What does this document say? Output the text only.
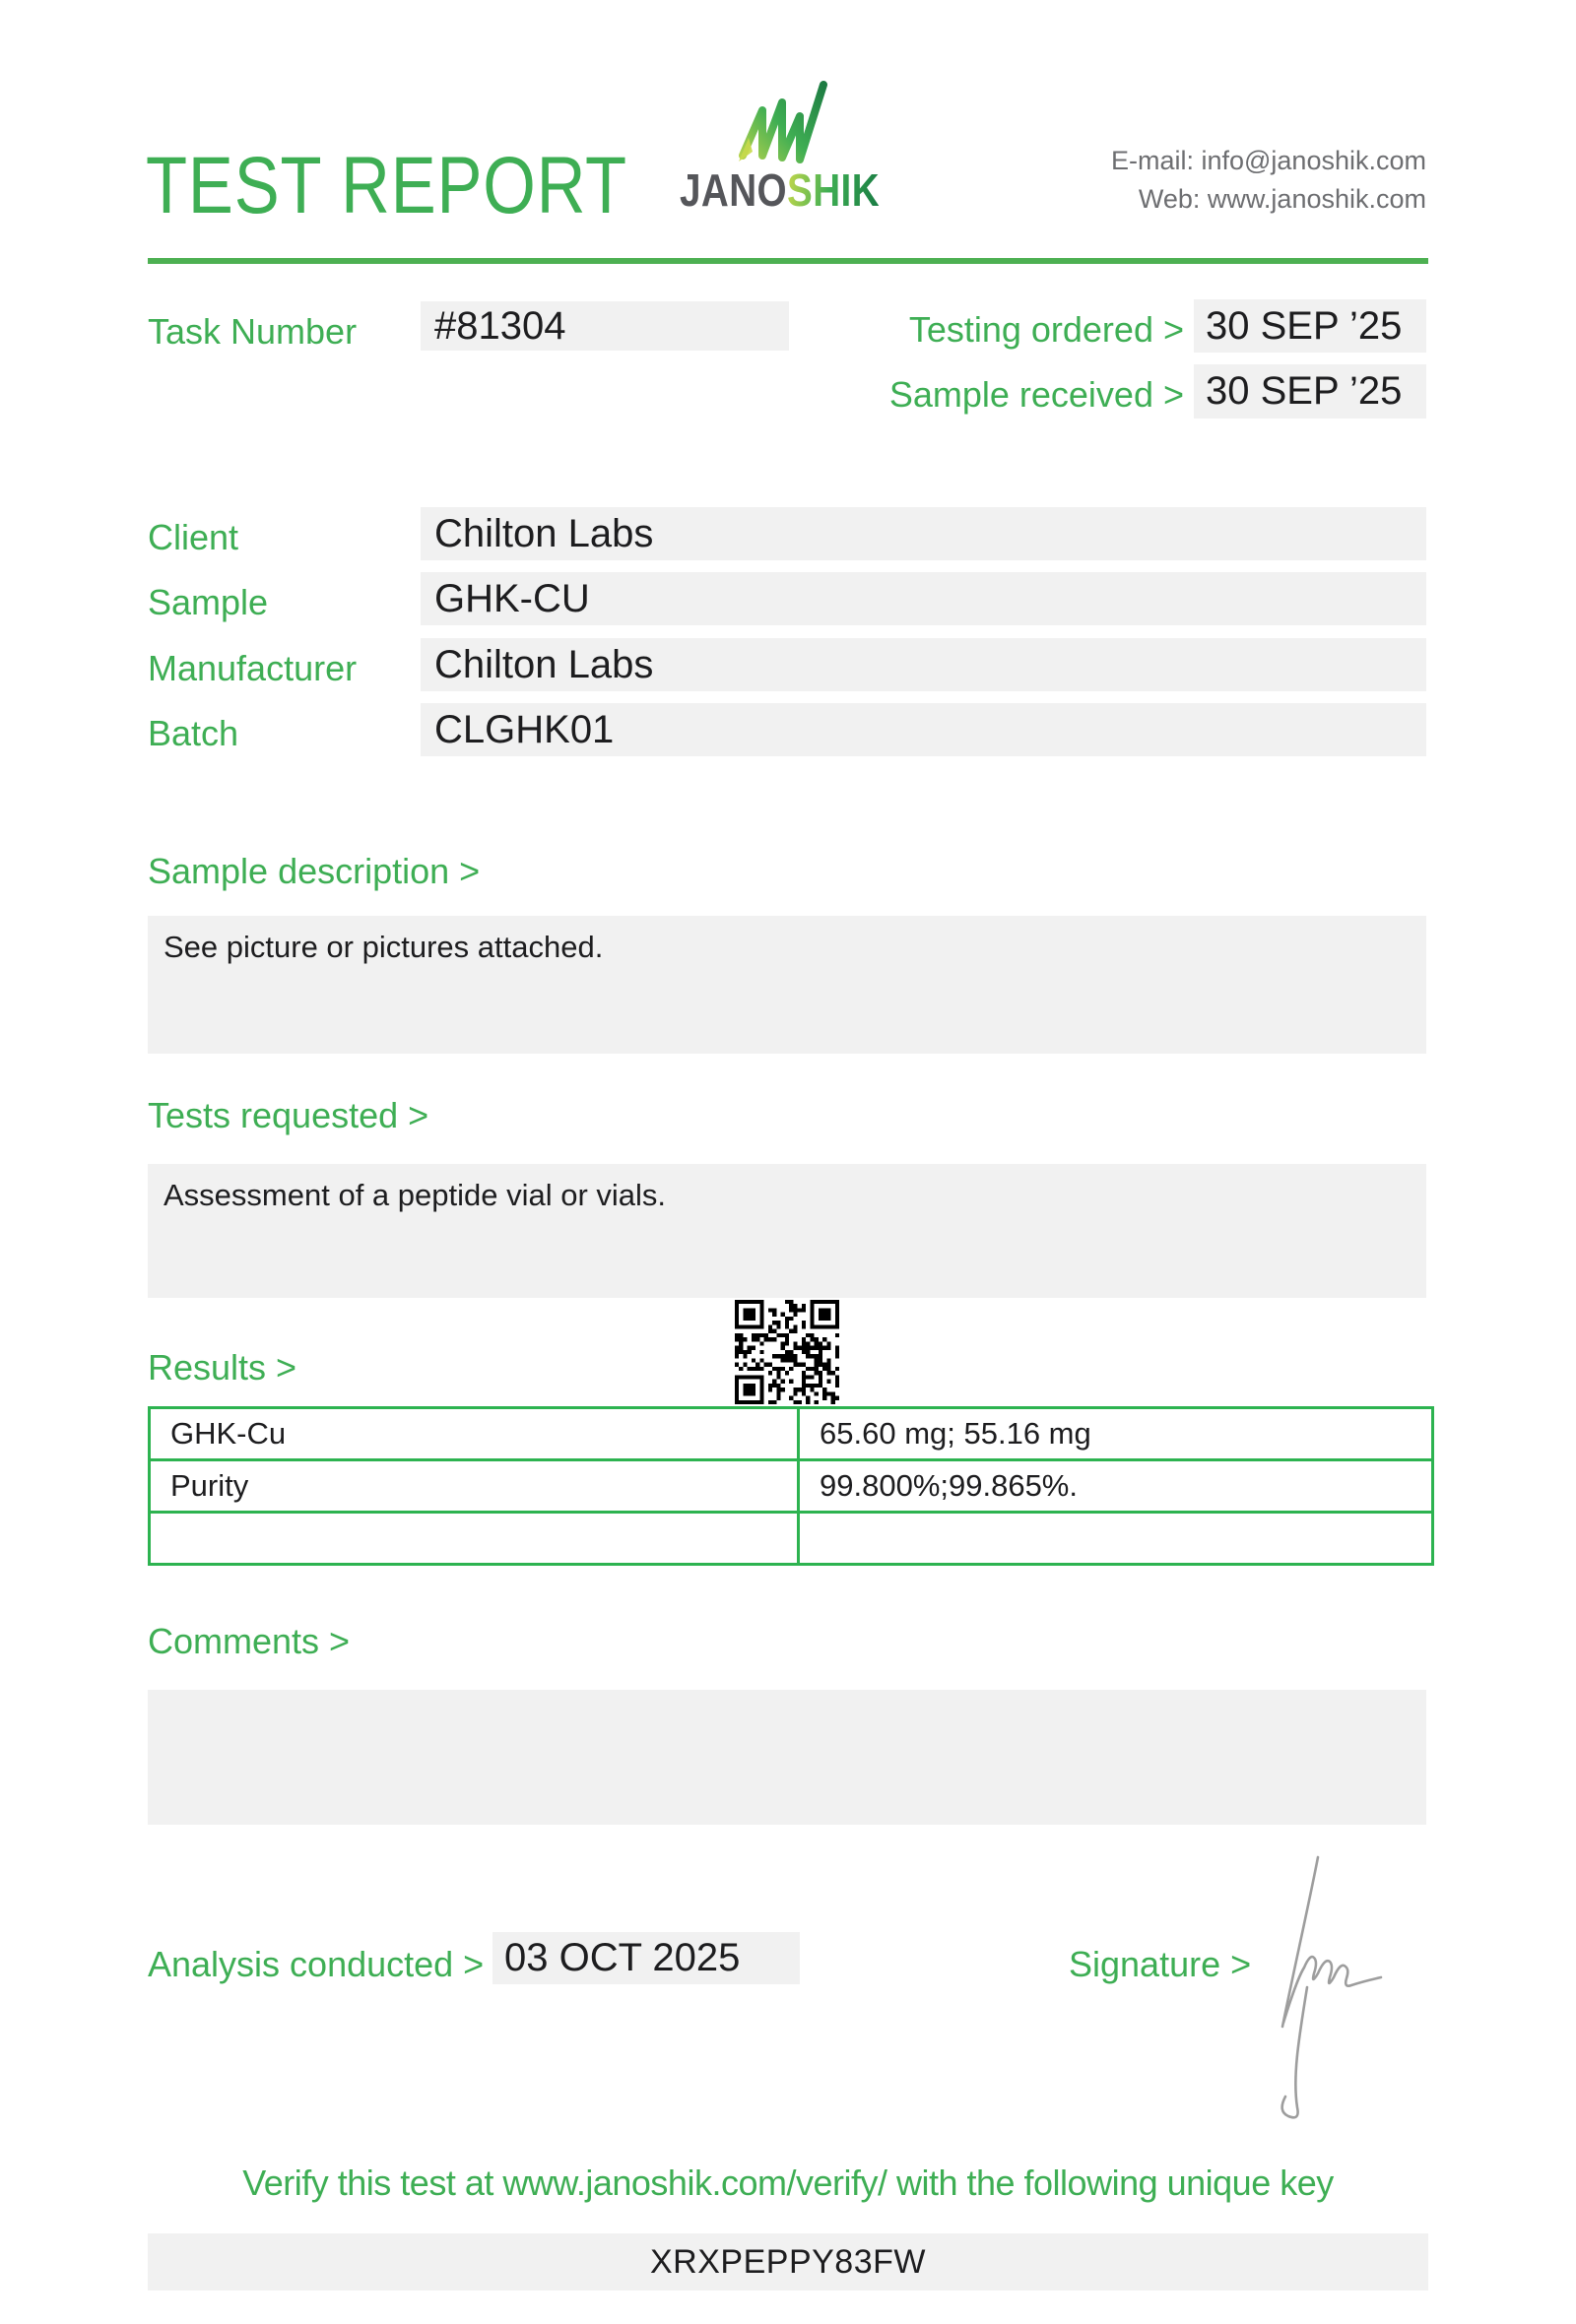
TEST REPORT JANOSHIK
E-mail: info@janoshik.com
Web: www.janoshik.com
Task Number	#81304	Testing ordered > 30 SEP ’25
Sample received > 30 SEP ’25
Client	Chilton Labs
Sample	GHK-CU
Manufacturer	Chilton Labs
Batch	CLGHK01
Sample description >
See picture or pictures attached.
Tests requested >
Assessment of a peptide vial or vials.
Results >
GHK-Cu	65.60 mg; 55.16 mg
Purity	99.800%;99.865%.

Comments >
Analysis conducted > 03 OCT 2025	Signature >
Verify this test at www.janoshik.com/verify/ with the following unique key
XRXPEPPY83FW
